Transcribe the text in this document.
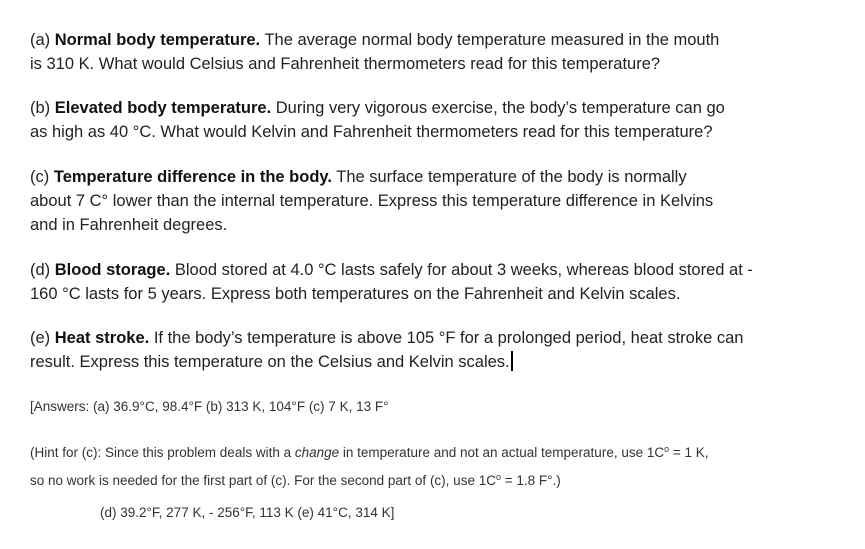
(a) Normal body temperature. The average normal body temperature measured in the mouth
is 310 K. What would Celsius and Fahrenheit thermometers read for this temperature?

(b) Elevated body temperature. During very vigorous exercise, the body’s temperature can go
as high as 40 °C. What would Kelvin and Fahrenheit thermometers read for this temperature?

(c) Temperature difference in the body. The surface temperature of the body is normally
about 7 C° lower than the internal temperature. Express this temperature difference in Kelvins
and in Fahrenheit degrees.

(d) Blood storage. Blood stored at 4.0 °C lasts safely for about 3 weeks, whereas blood stored at -
160 °C lasts for 5 years. Express both temperatures on the Fahrenheit and Kelvin scales.

(e) Heat stroke. If the body’s temperature is above 105 °F for a prolonged period, heat stroke can
result. Express this temperature on the Celsius and Kelvin scales.

[Answers: (a) 36.9°C, 98.4°F (b) 313 K, 104°F (c) 7 K, 13 F°

(Hint for (c): Since this problem deals with a change in temperature and not an actual temperature, use $1C^o = 1$ K,
so no work is needed for the first part of (c). For the second part of (c), use $1C^o = 1.8$ F°.)

(d) 39.2°F, 277 K, - 256°F, 113 K (e) 41°C, 314 K]
